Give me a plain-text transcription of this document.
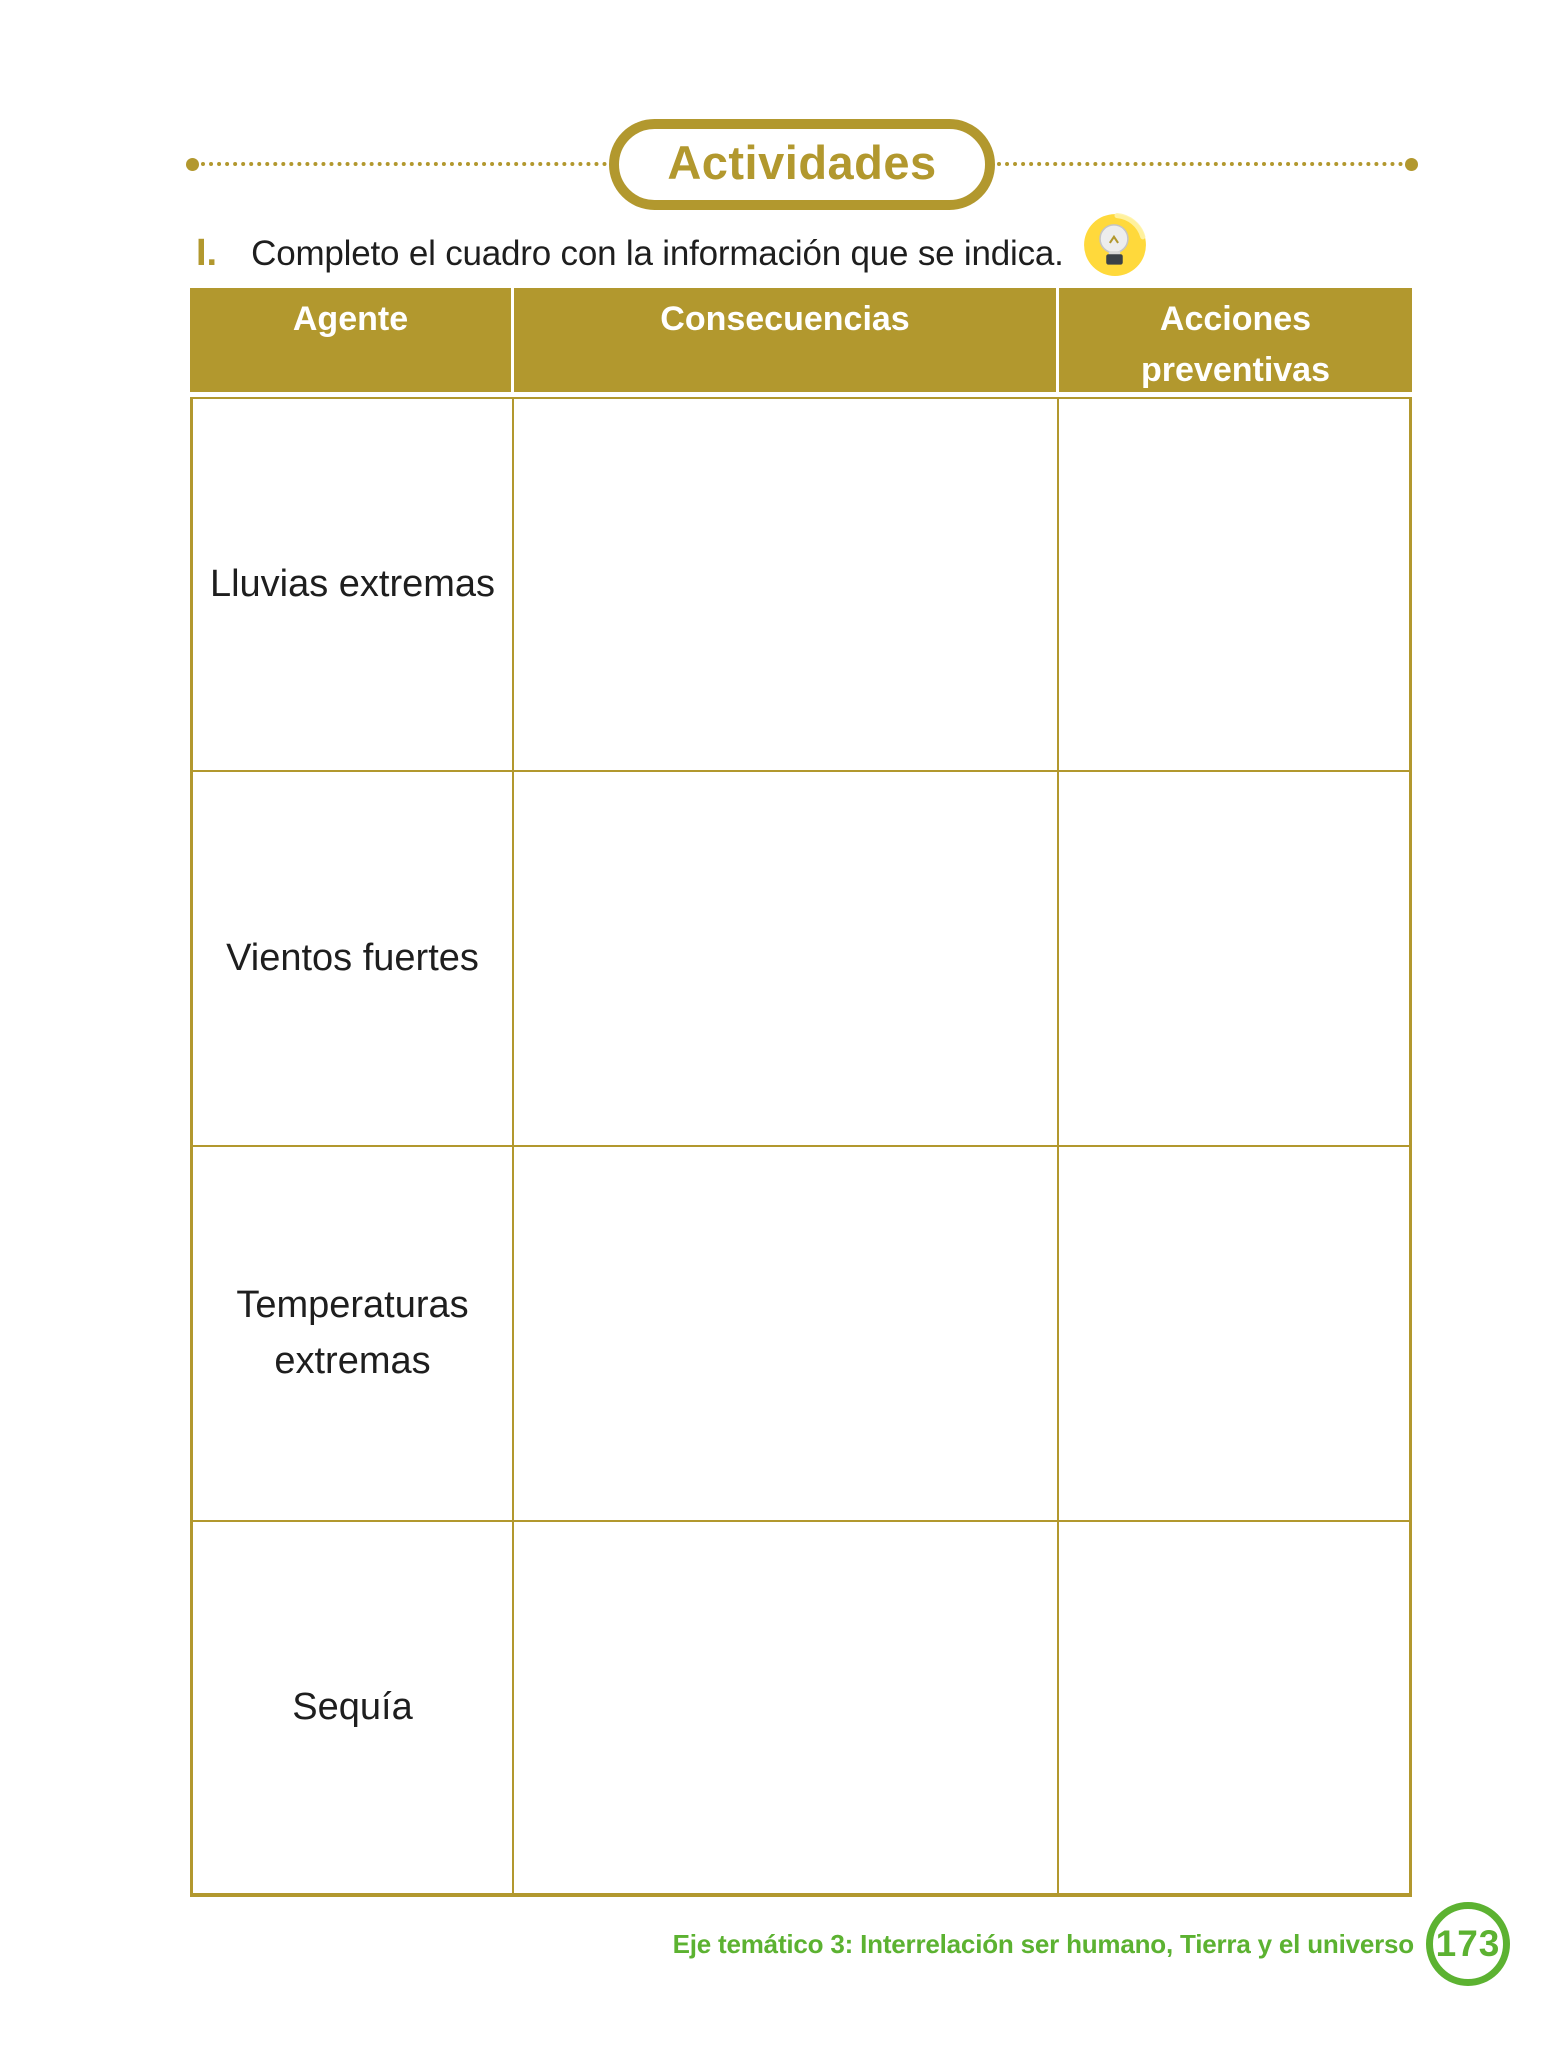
Actividades
I. Completo el cuadro con la información que se indica.
Agente	Consecuencias	Acciones preventivas
Lluvias extremas
Vientos fuertes
Temperaturas extremas
Sequía
Eje temático 3: Interrelación ser humano, Tierra y el universo 173
